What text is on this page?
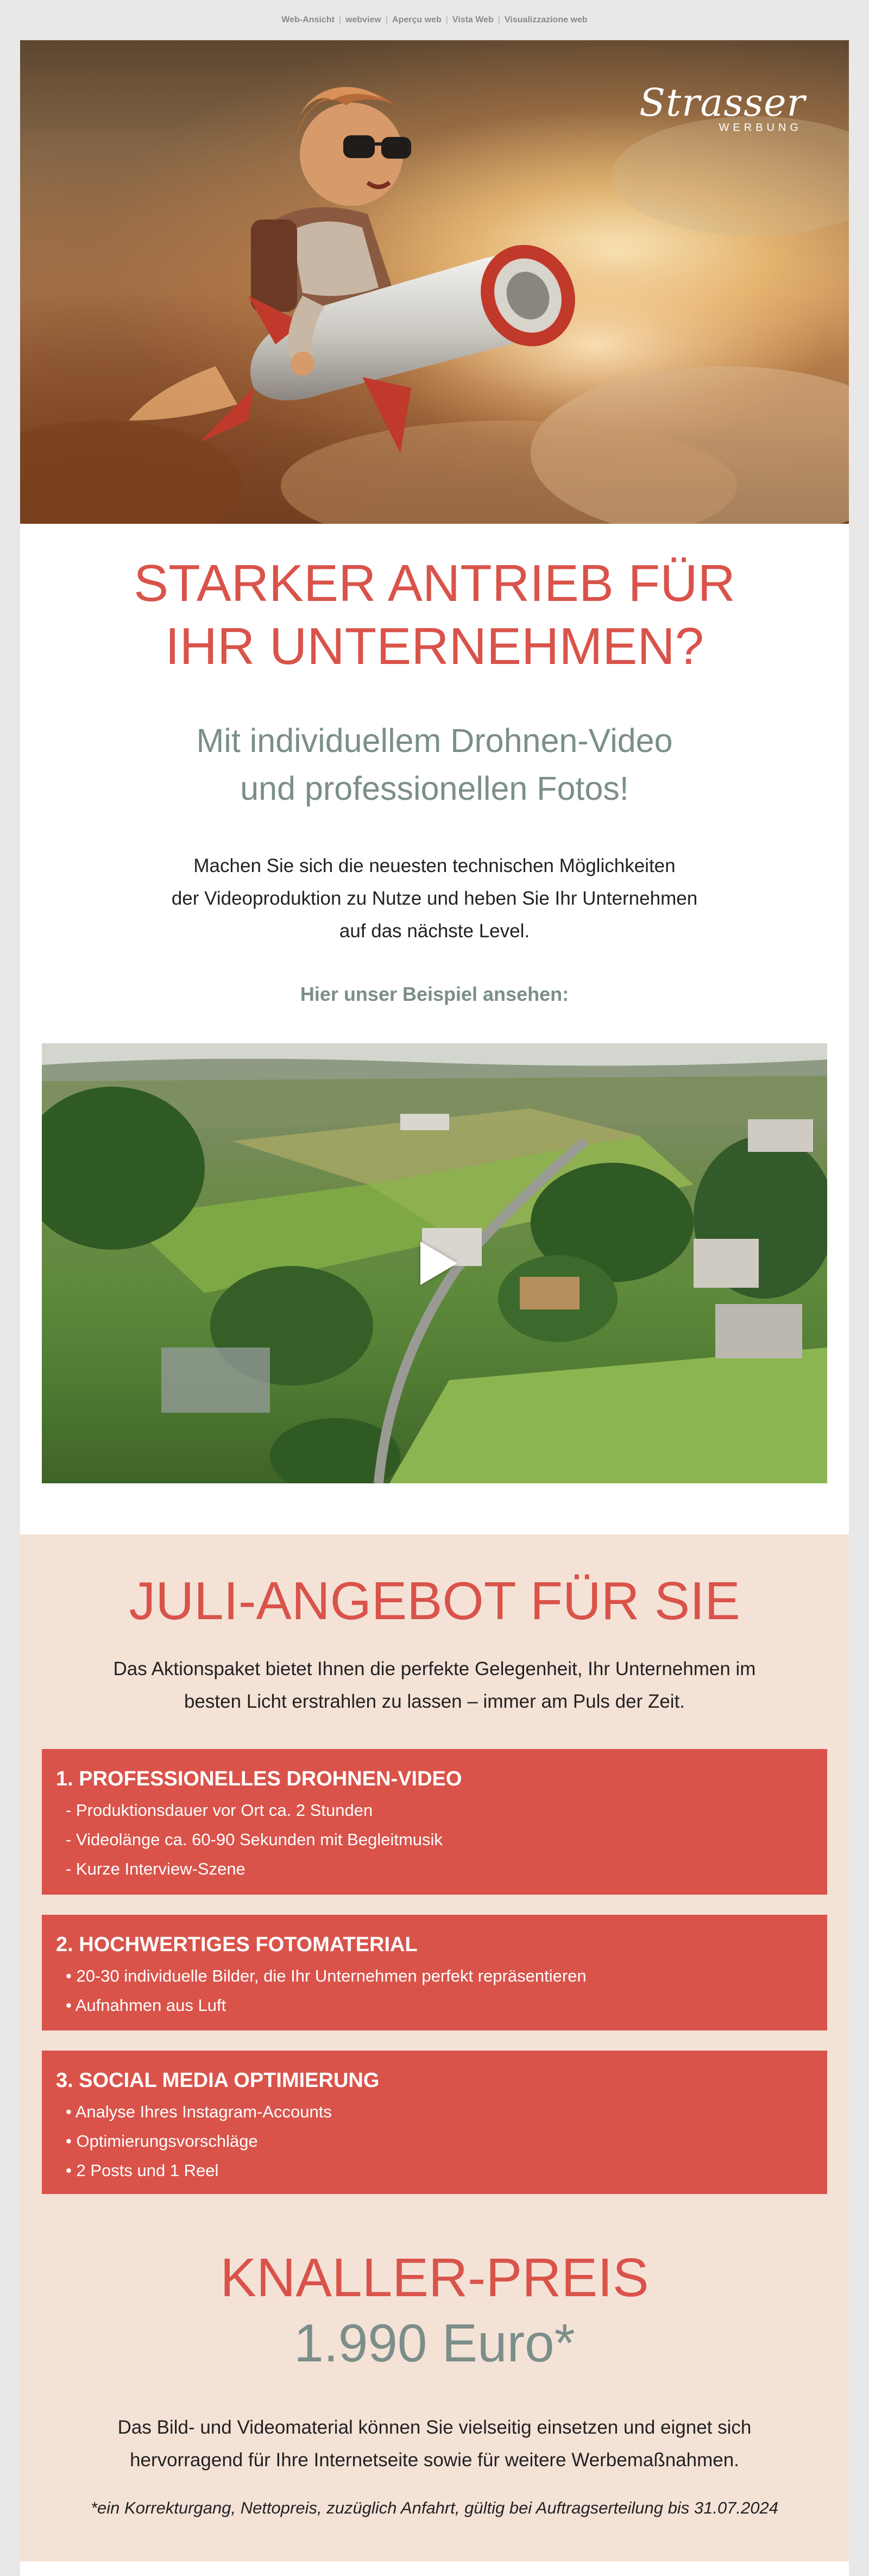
Web-Ansicht | webview | Aperçu web | Vista Web | Visualizzazione web
Strasser
WERBUNG
STARKER ANTRIEB FÜR
IHR UNTERNEHMEN?
Mit individuellem Drohnen-Video
und professionellen Fotos!
Machen Sie sich die neuesten technischen Möglichkeiten
der Videoproduktion zu Nutze und heben Sie Ihr Unternehmen
auf das nächste Level.
Hier unser Beispiel ansehen:
JULI-ANGEBOT FÜR SIE
Das Aktionspaket bietet Ihnen die perfekte Gelegenheit, Ihr Unternehmen im
besten Licht erstrahlen zu lassen – immer am Puls der Zeit.
1. PROFESSIONELLES DROHNEN-VIDEO
- Produktionsdauer vor Ort ca. 2 Stunden
- Videolänge ca. 60-90 Sekunden mit Begleitmusik
- Kurze Interview-Szene
2. HOCHWERTIGES FOTOMATERIAL
• 20-30 individuelle Bilder, die Ihr Unternehmen perfekt repräsentieren
• Aufnahmen aus Luft
3. SOCIAL MEDIA OPTIMIERUNG
• Analyse Ihres Instagram-Accounts
• Optimierungsvorschläge
• 2 Posts und 1 Reel
KNALLER-PREIS
1.990 Euro*
Das Bild- und Videomaterial können Sie vielseitig einsetzen und eignet sich
hervorragend für Ihre Internetseite sowie für weitere Werbemaßnahmen.
*ein Korrekturgang, Nettopreis, zuzüglich Anfahrt, gültig bei Auftragserteilung bis 31.07.2024
